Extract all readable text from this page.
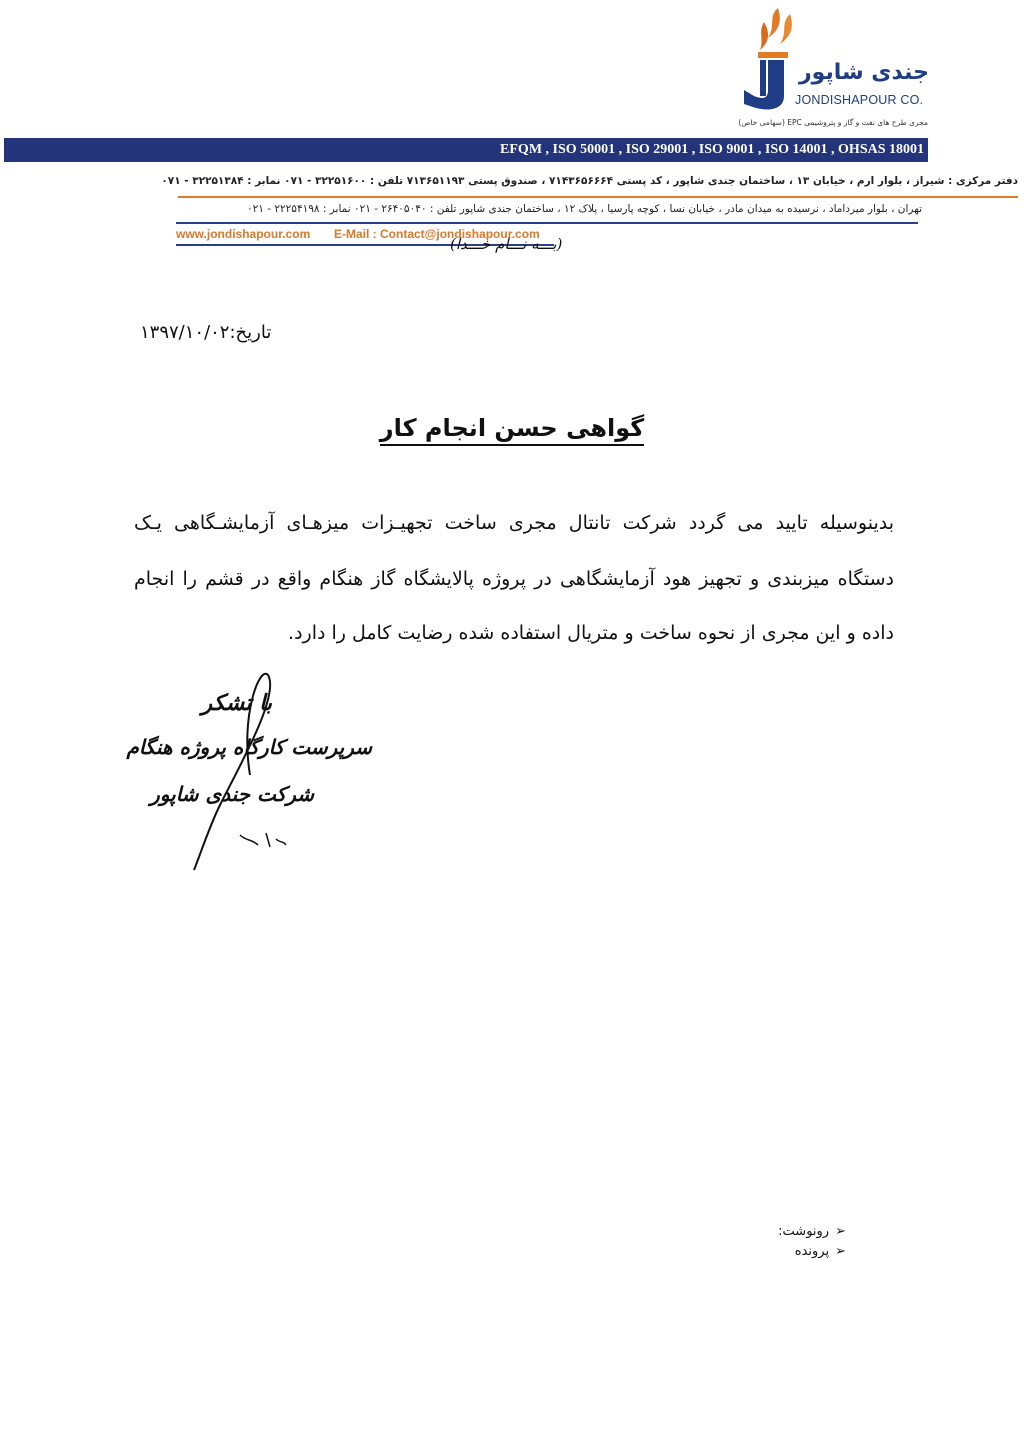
جندی شاپور
JONDISHAPOUR CO.
مجری طرح های نفت و گاز و پتروشیمی EPC (سهامی خاص)
EFQM , ISO 50001 , ISO 29001 , ISO 9001 , ISO 14001 , OHSAS 18001
دفتر مرکزی : شیراز ، بلوار ارم ، خیابان ۱۳ ، ساختمان جندی شاپور ، کد پستی ۷۱۴۳۶۵۶۶۶۴ ، صندوق پستی ۷۱۳۶۵۱۱۹۳ تلفن : ۳۲۲۵۱۶۰۰ - ۰۷۱ نمابر : ۳۲۲۵۱۳۸۴ - ۰۷۱
تهران ، بلوار میرداماد ، نرسیده به میدان مادر ، خیابان نسا ، کوچه پارسیا ، پلاک ۱۲ ، ساختمان جندی شاپور تلفن : ۲۶۴۰۵۰۴۰ - ۰۲۱ نمابر : ۲۲۲۵۴۱۹۸ - ۰۲۱
www.jondishapour.com E-Mail : Contact@jondishapour.com
(بـــه نـــام خـــدا)
تاریخ:۱۳۹۷/۱۰/۰۲
گواهی حسن انجام کار
بدینوسیله تایید می گردد شرکت تانتال مجری ساخت تجهیـزات میزهـای آزمایشـگاهی یـک
دستگاه میزبندی و تجهیز هود آزمایشگاهی در پروژه پالایشگاه گاز هنگام واقع در قشم را انجام
داده و این مجری از نحوه ساخت و متریال استفاده شده رضایت کامل را دارد.
با تشکر
سرپرست کارگاه پروژه هنگام
شرکت جندی شاپور
➢رونوشت:
➢پرونده
